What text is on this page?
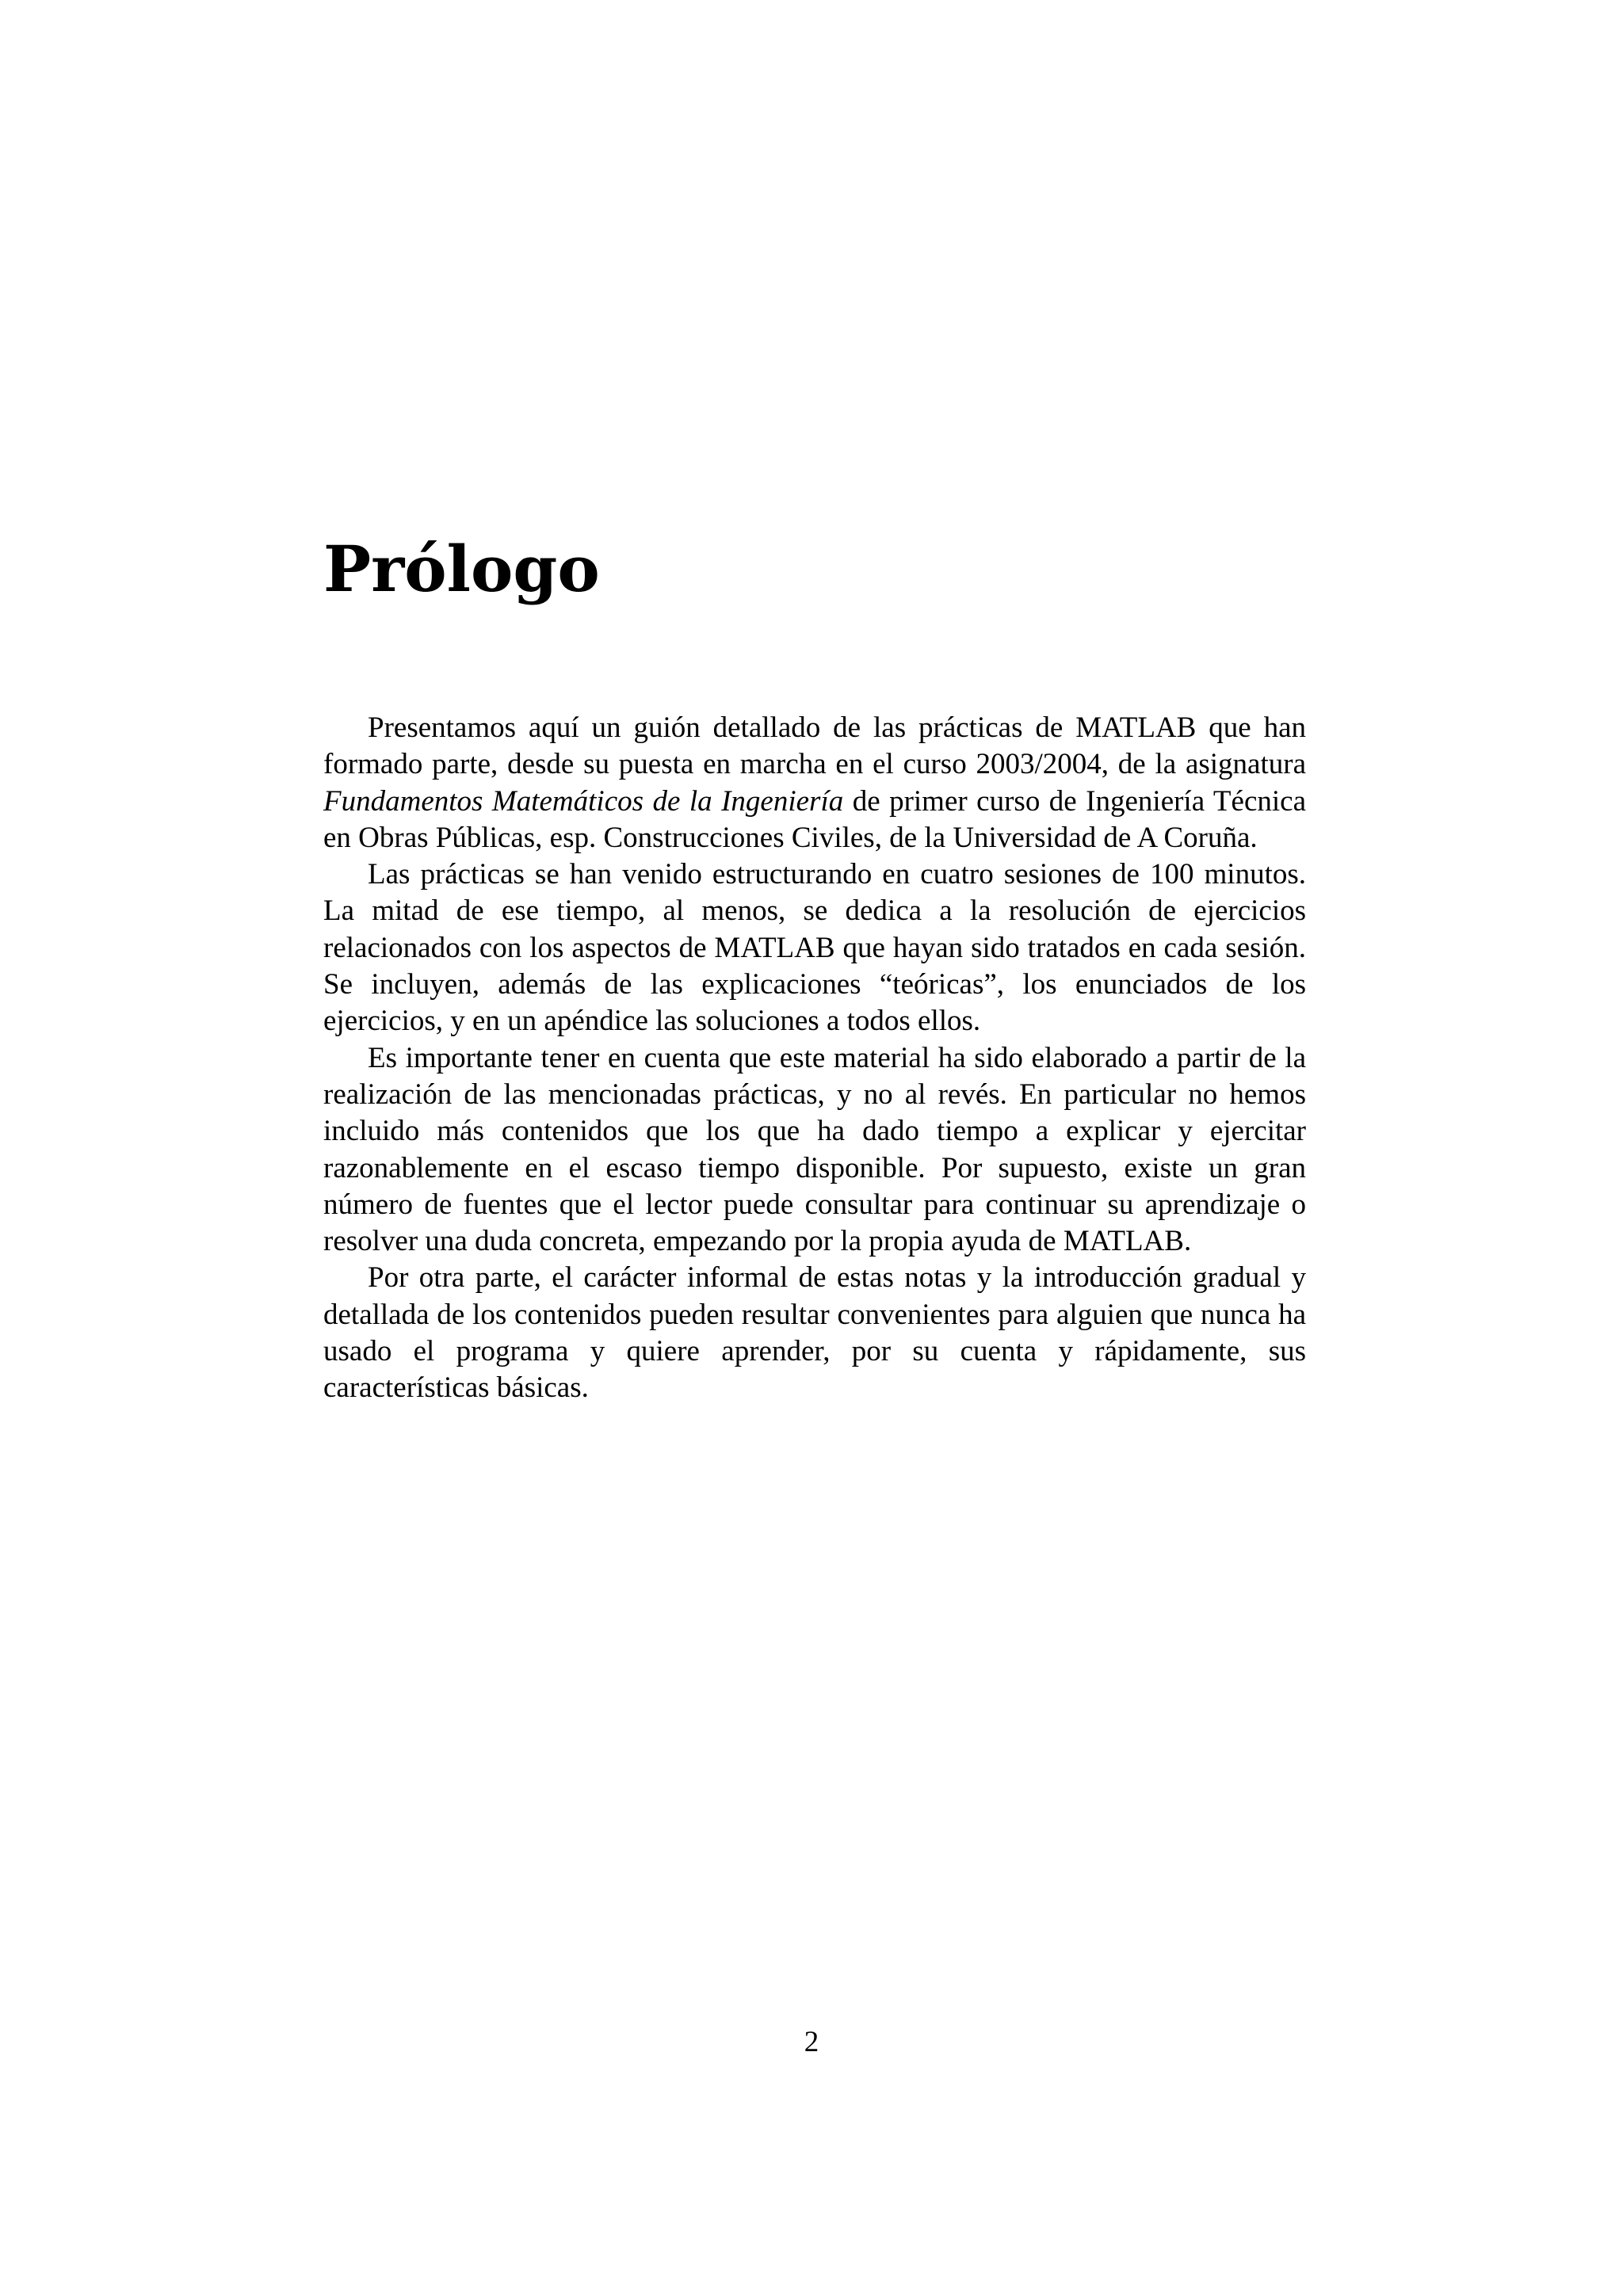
Prólogo

Presentamos aquí un guión detallado de las prácticas de MATLAB que han formado parte, desde su puesta en marcha en el curso 2003/2004, de la asignatura Fundamentos Matemáticos de la Ingeniería de primer curso de Ingeniería Técnica en Obras Públicas, esp. Construcciones Civiles, de la Universidad de A Coruña.

Las prácticas se han venido estructurando en cuatro sesiones de 100 minutos. La mitad de ese tiempo, al menos, se dedica a la resolución de ejercicios relacionados con los aspectos de MATLAB que hayan sido tratados en cada sesión. Se incluyen, además de las explicaciones “teóricas”, los enunciados de los ejercicios, y en un apéndice las soluciones a todos ellos.

Es importante tener en cuenta que este material ha sido elaborado a partir de la realización de las mencionadas prácticas, y no al revés. En particular no hemos incluido más contenidos que los que ha dado tiempo a explicar y ejercitar razonablemente en el escaso tiempo disponible. Por supuesto, existe un gran número de fuentes que el lector puede consultar para continuar su aprendizaje o resolver una duda concreta, empezando por la propia ayuda de MATLAB.

Por otra parte, el carácter informal de estas notas y la introducción gradual y detallada de los contenidos pueden resultar convenientes para alguien que nunca ha usado el programa y quiere aprender, por su cuenta y rápidamente, sus características básicas.

2
